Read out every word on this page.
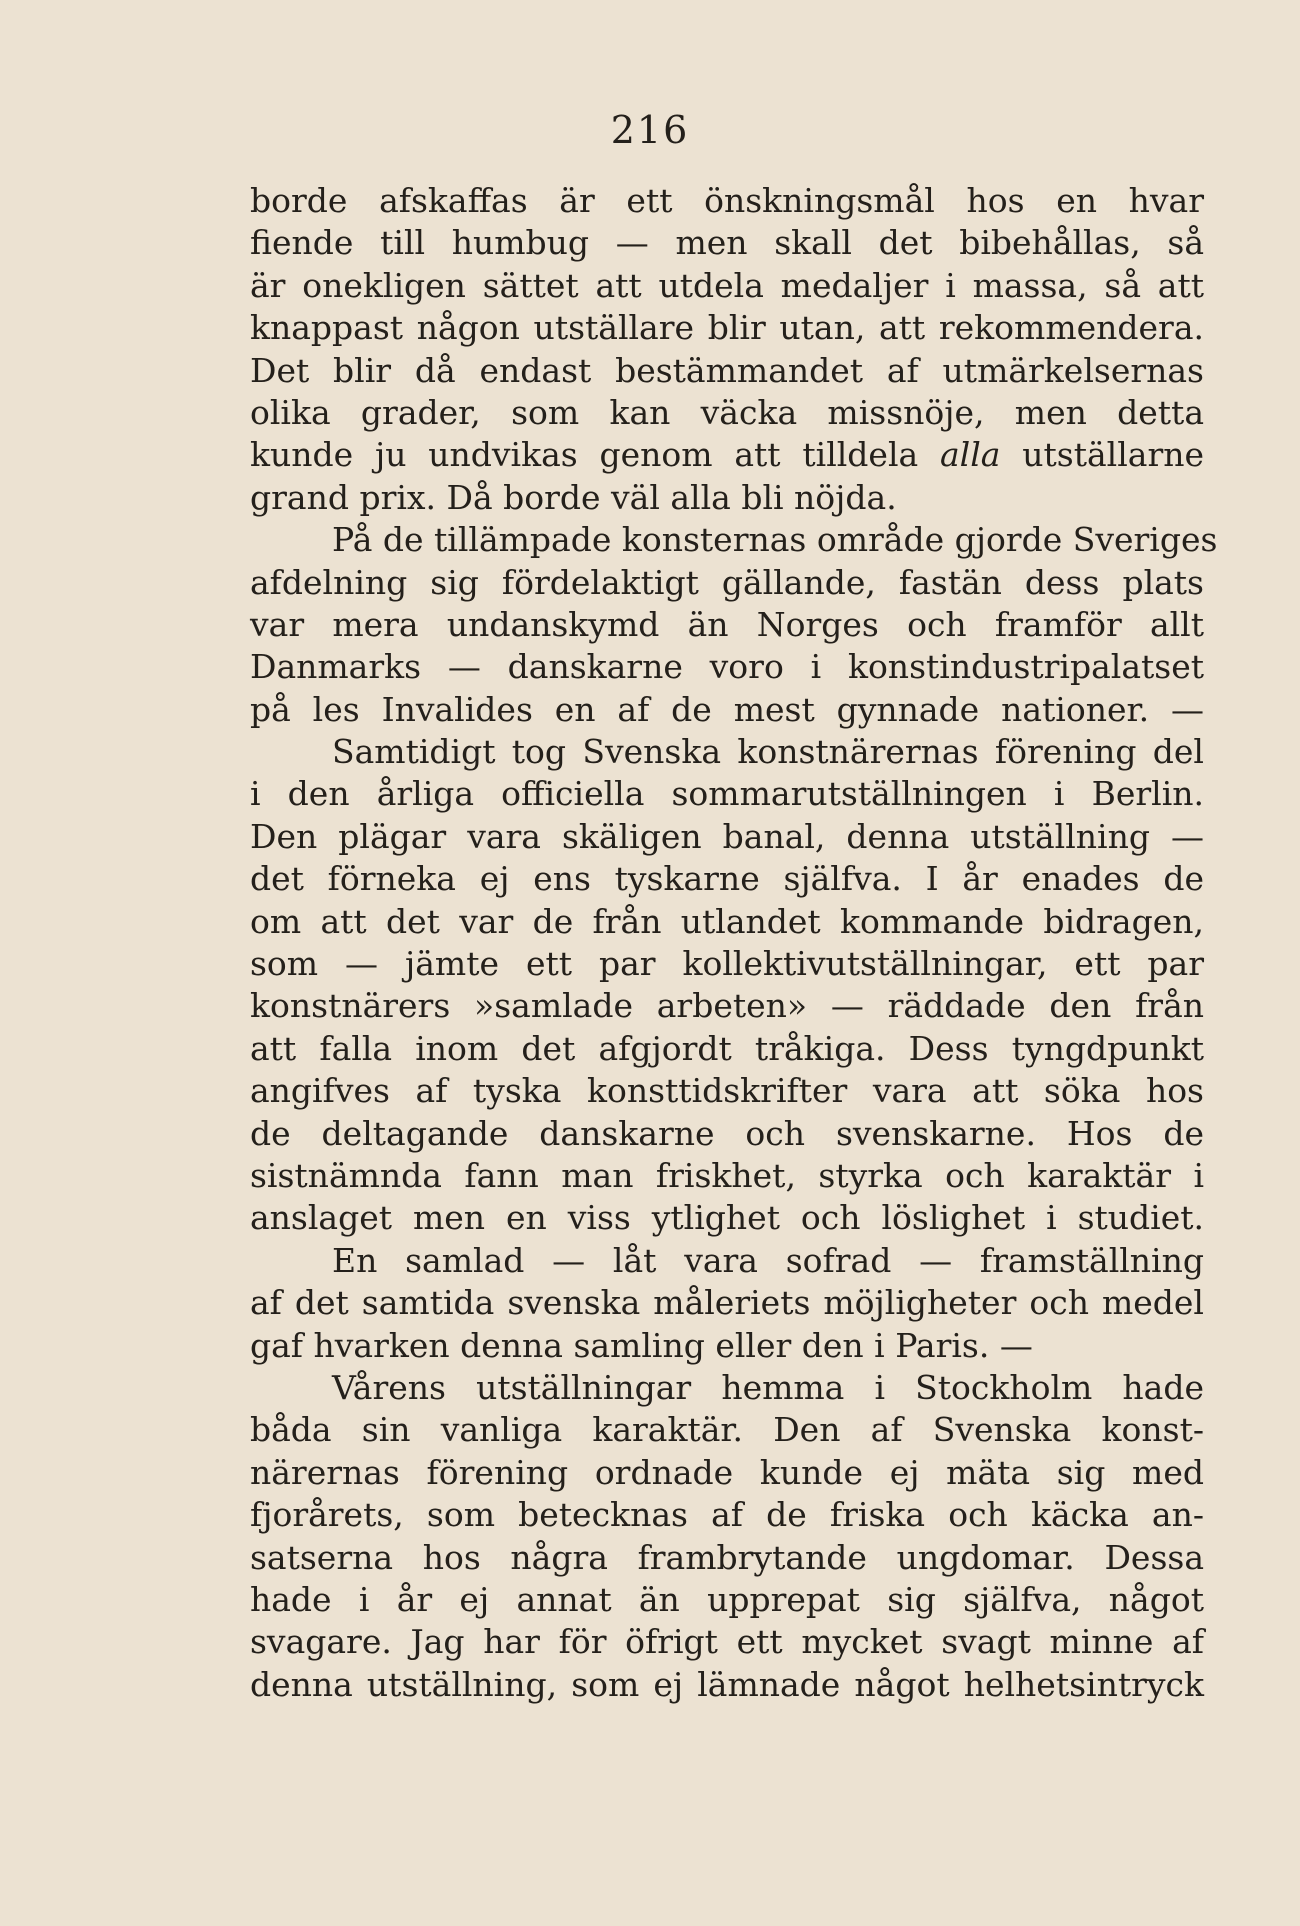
216
borde afskaffas är ett önskningsmål hos en hvar
fiende till humbug — men skall det bibehållas, så
är onekligen sättet att utdela medaljer i massa, så att
knappast någon utställare blir utan, att rekommendera.
Det blir då endast bestämmandet af utmärkelsernas
olika grader, som kan väcka missnöje, men detta
kunde ju undvikas genom att tilldela alla utställarne
grand prix. Då borde väl alla bli nöjda.
På de tillämpade konsternas område gjorde Sveriges
afdelning sig fördelaktigt gällande, fastän dess plats
var mera undanskymd än Norges och framför allt
Danmarks — danskarne voro i konstindustripalatset
på les Invalides en af de mest gynnade nationer. —
Samtidigt tog Svenska konstnärernas förening del
i den årliga officiella sommarutställningen i Berlin.
Den plägar vara skäligen banal, denna utställning —
det förneka ej ens tyskarne själfva. I år enades de
om att det var de från utlandet kommande bidragen,
som — jämte ett par kollektivutställningar, ett par
konstnärers »samlade arbeten» — räddade den från
att falla inom det afgjordt tråkiga. Dess tyngdpunkt
angifves af tyska konsttidskrifter vara att söka hos
de deltagande danskarne och svenskarne. Hos de
sistnämnda fann man friskhet, styrka och karaktär i
anslaget men en viss ytlighet och löslighet i studiet.
En samlad — låt vara sofrad — framställning
af det samtida svenska måleriets möjligheter och medel
gaf hvarken denna samling eller den i Paris. —
Vårens utställningar hemma i Stockholm hade
båda sin vanliga karaktär. Den af Svenska konst-
närernas förening ordnade kunde ej mäta sig med
fjorårets, som betecknas af de friska och käcka an-
satserna hos några frambrytande ungdomar. Dessa
hade i år ej annat än upprepat sig själfva, något
svagare. Jag har för öfrigt ett mycket svagt minne af
denna utställning, som ej lämnade något helhetsintryck
